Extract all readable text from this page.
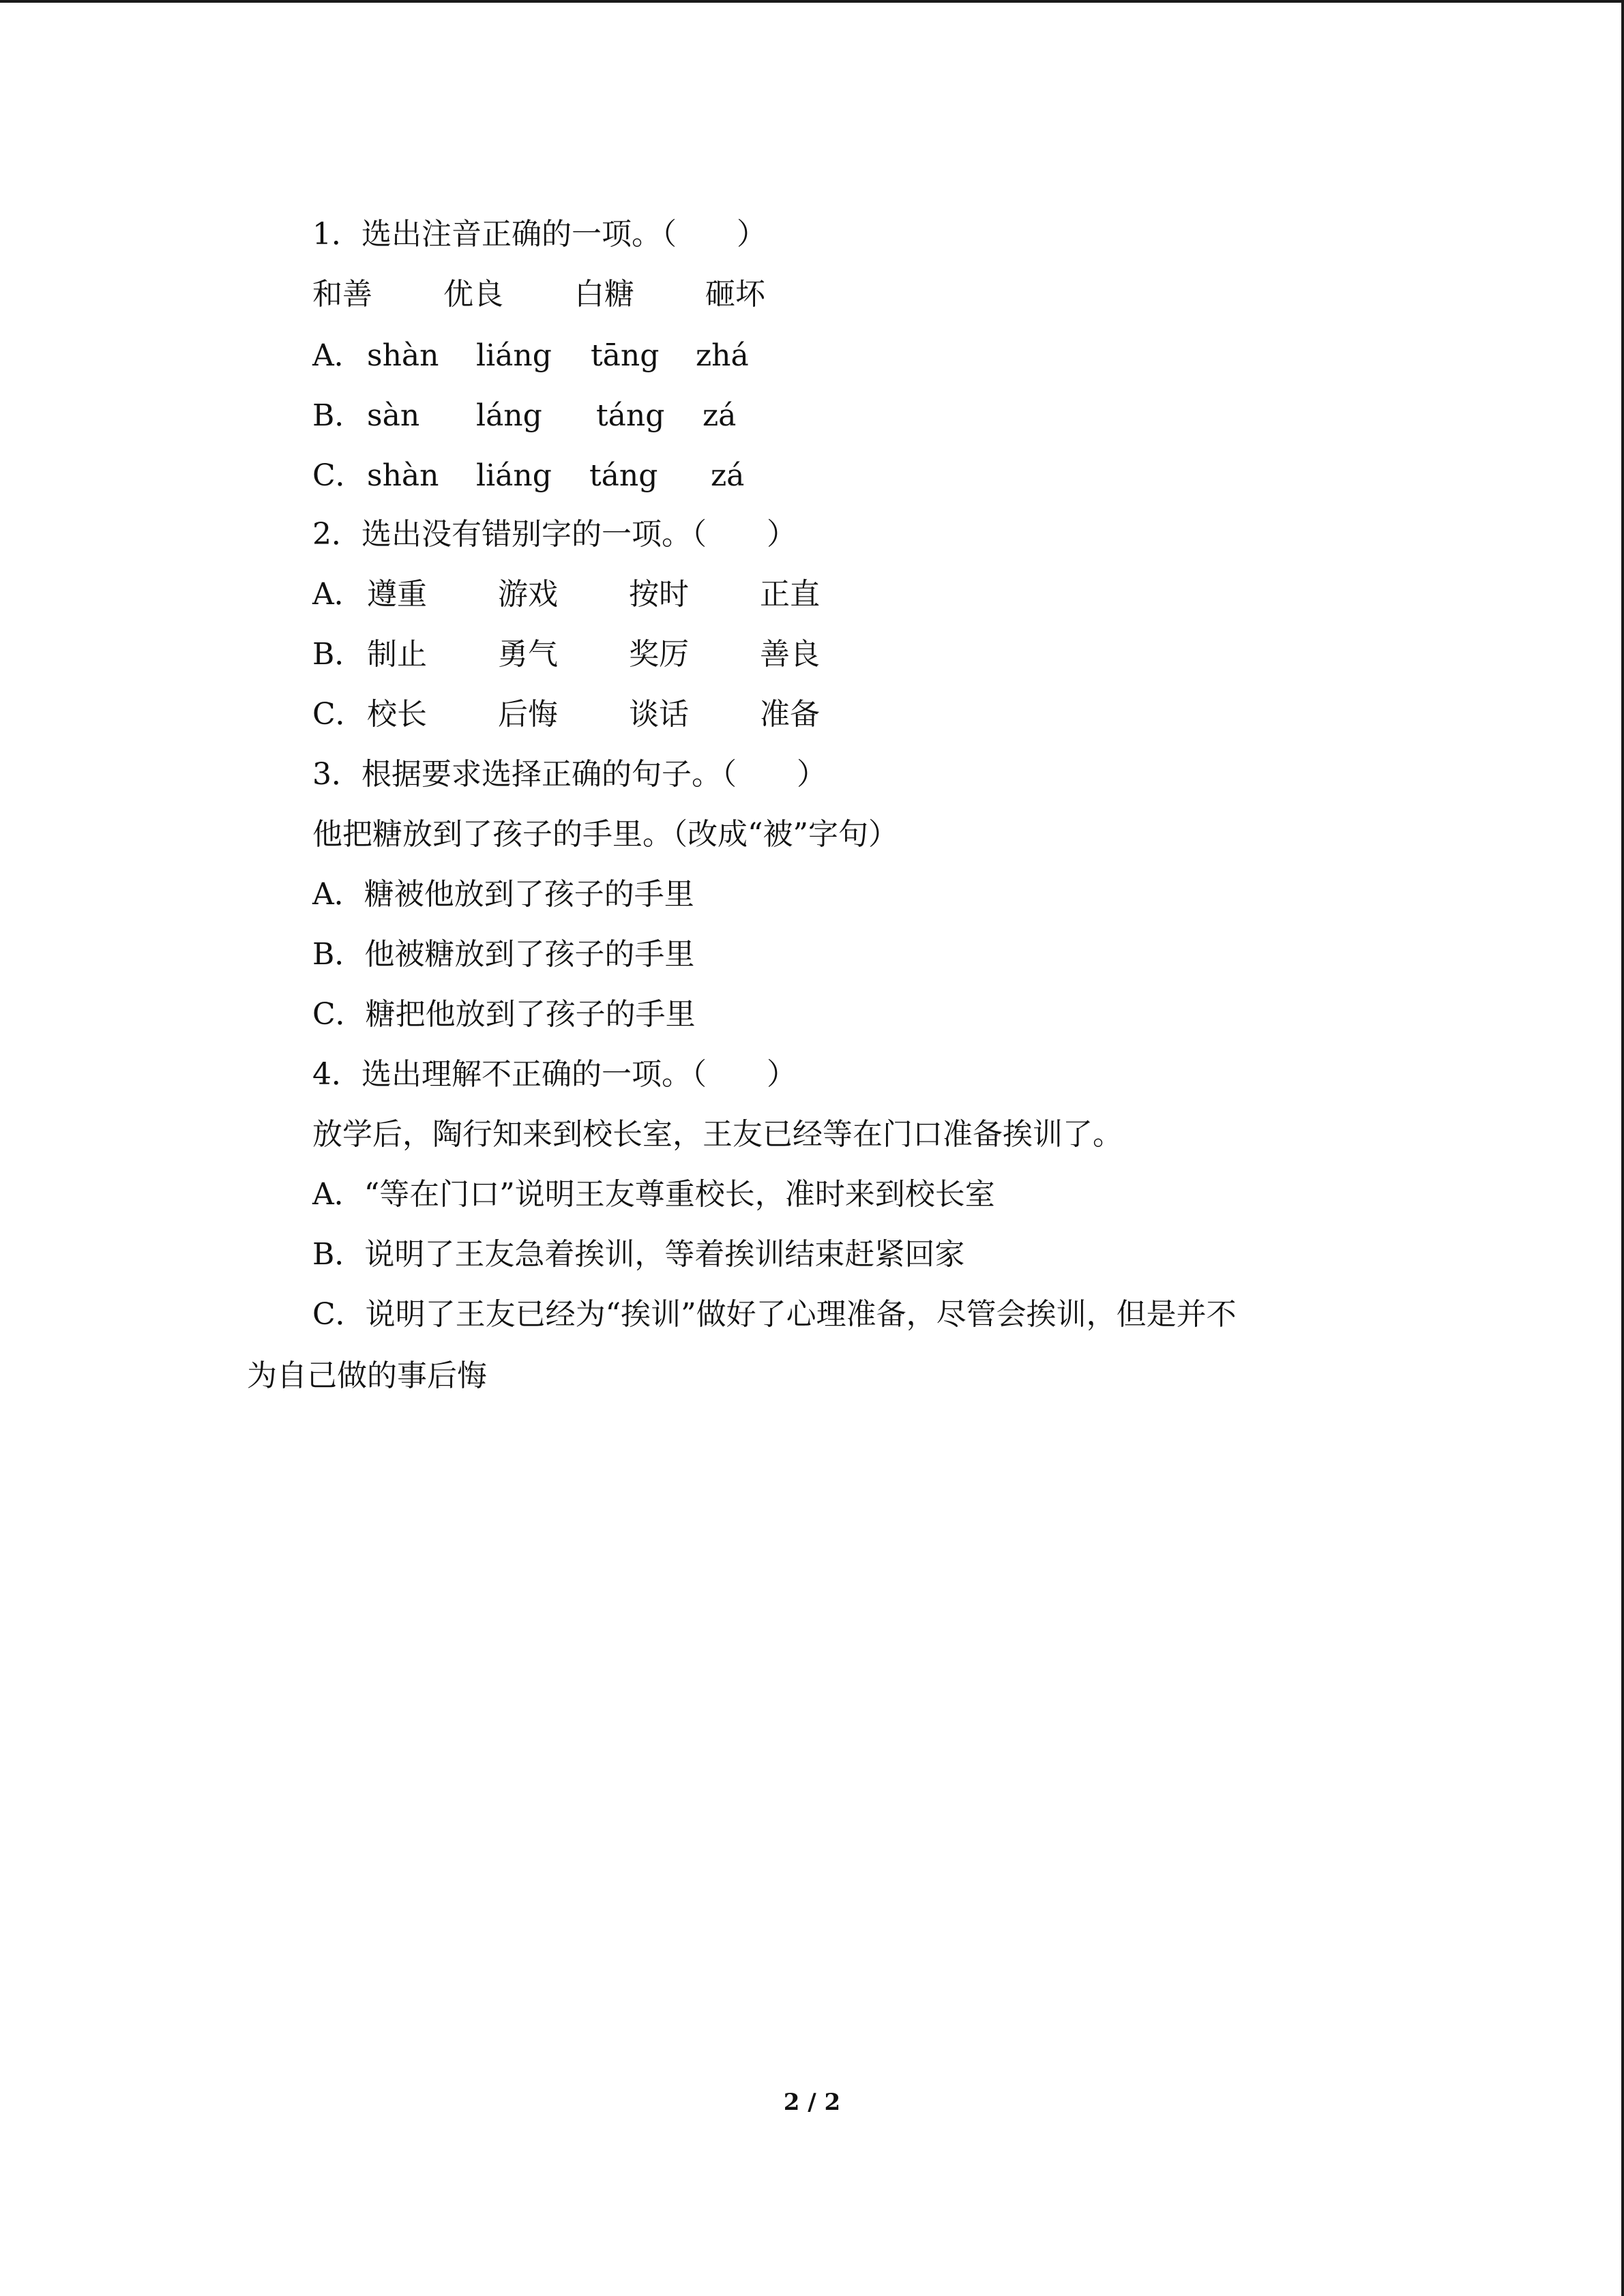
1．选出注音正确的一项。（　　）
和善 优良 白糖 砸坏
A． shàn liáng tāng zhá
B． sàn láng táng zá
C． shàn liáng táng zá
2．选出没有错别字的一项。（　　）
A． 遵重 游戏 按时 正直
B． 制止 勇气 奖厉 善良
C． 校长 后悔 谈话 准备
3．根据要求选择正确的句子。（　　）
他把糖放到了孩子的手里。（改成“被”字句）
A．糖被他放到了孩子的手里
B．他被糖放到了孩子的手里
C．糖把他放到了孩子的手里
4．选出理解不正确的一项。（　　）
放学后，陶行知来到校长室，王友已经等在门口准备挨训了。
A．“等在门口”说明王友尊重校长，准时来到校长室
B．说明了王友急着挨训，等着挨训结束赶紧回家
C．说明了王友已经为“挨训”做好了心理准备，尽管会挨训，但是并不
为自己做的事后悔
2 / 2
